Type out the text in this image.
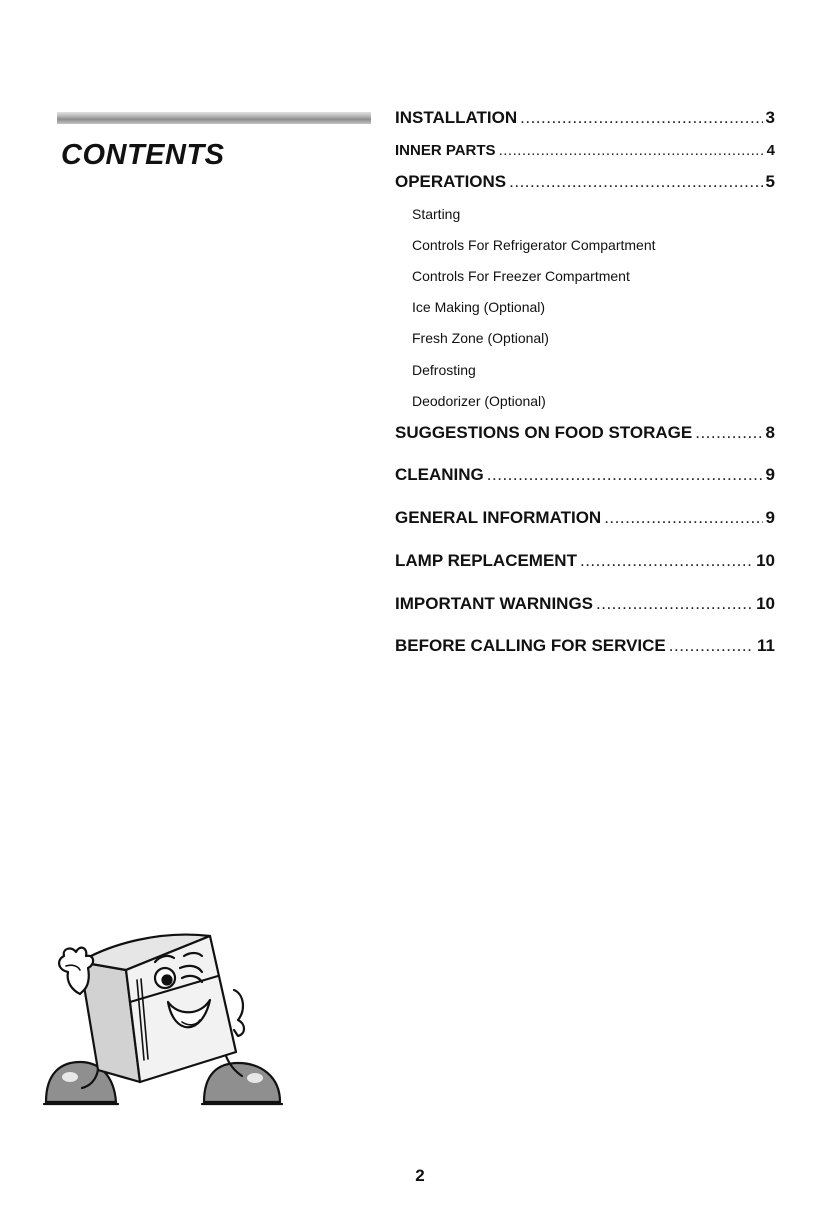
CONTENTS
INSTALLATION .....	3
INNER PARTS .....	4
OPERATIONS .....	5
Starting
Controls For Refrigerator Compartment
Controls For Freezer Compartment
Ice Making (Optional)
Fresh Zone (Optional)
Defrosting
Deodorizer (Optional)
SUGGESTIONS ON FOOD STORAGE .....	8
CLEANING .....	9
GENERAL INFORMATION .....	9
LAMP REPLACEMENT .....	10
IMPORTANT WARNINGS .....	10
BEFORE CALLING FOR SERVICE .....	11
2
